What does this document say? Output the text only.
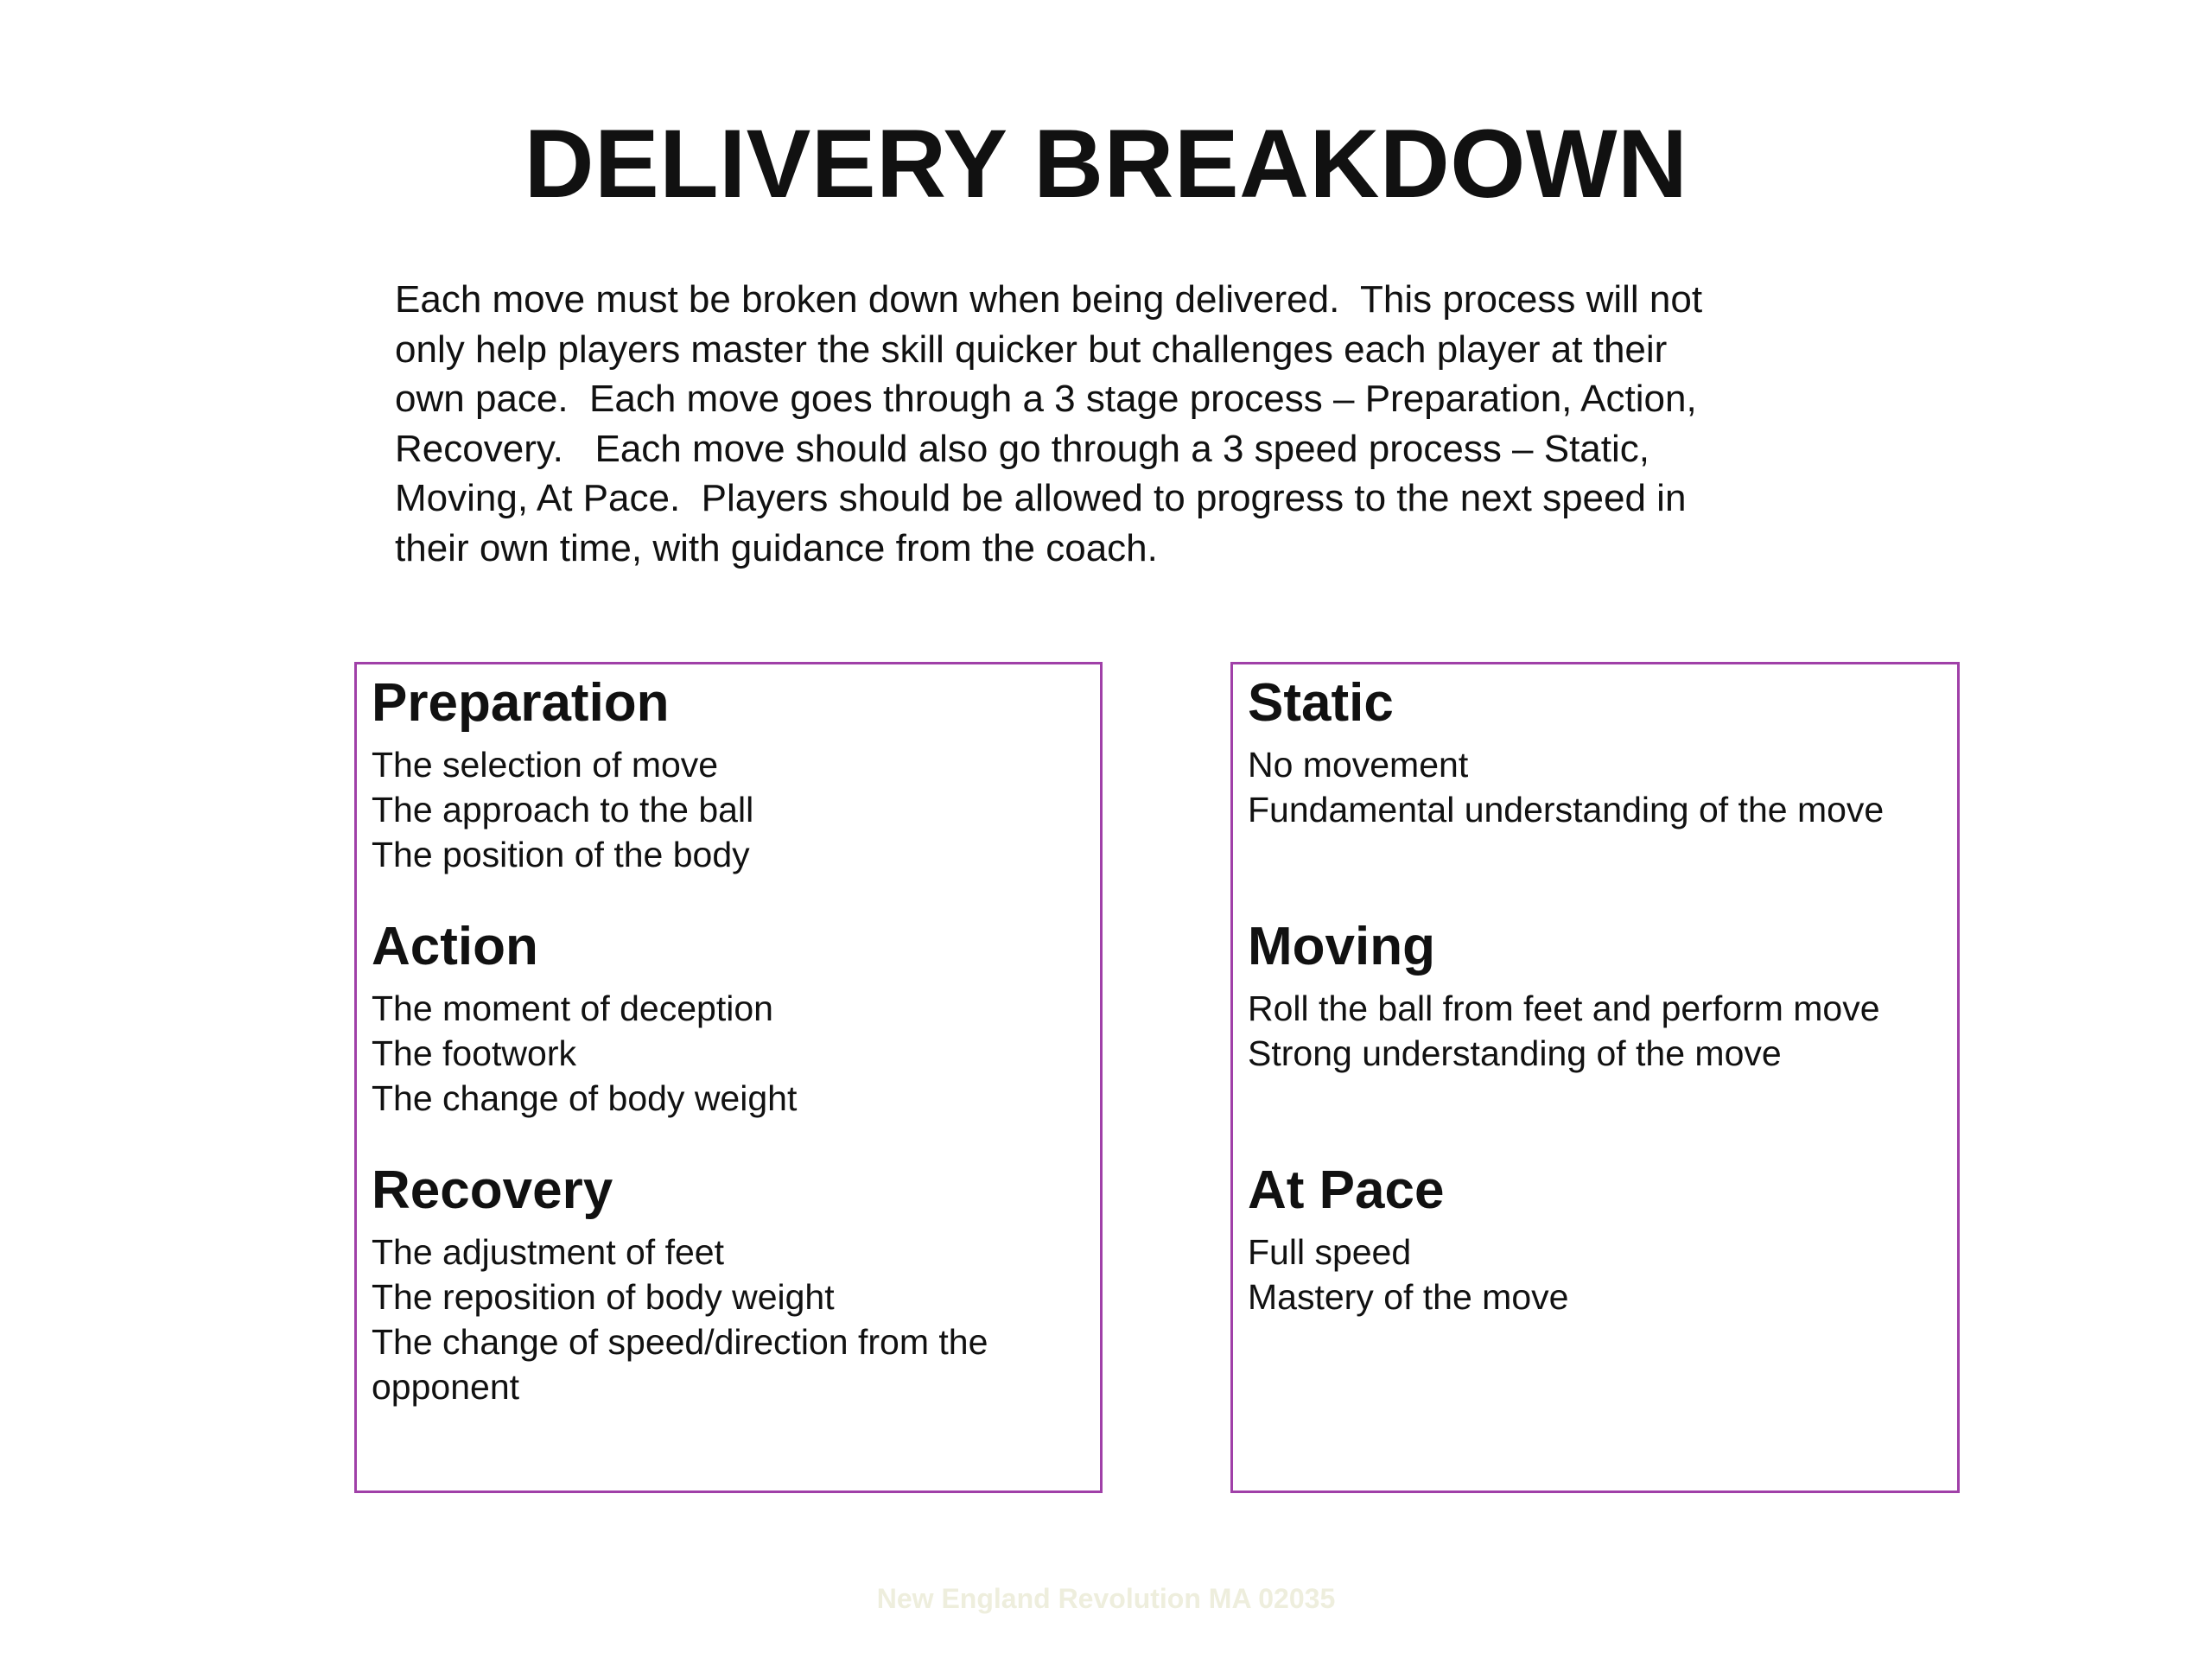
DELIVERY BREAKDOWN
Each move must be broken down when being delivered.  This process will not
only help players master the skill quicker but challenges each player at their
own pace.  Each move goes through a 3 stage process – Preparation, Action,
Recovery.   Each move should also go through a 3 speed process – Static,
Moving, At Pace.  Players should be allowed to progress to the next speed in
their own time, with guidance from the coach.
Preparation
The selection of move
The approach to the ball
The position of the body
Action
The moment of deception
The footwork
The change of body weight
Recovery
The adjustment of feet
The reposition of body weight
The change of speed/direction from the
opponent
Static
No movement
Fundamental understanding of the move
Moving
Roll the ball from feet and perform move
Strong understanding of the move
At Pace
Full speed
Mastery of the move
New England Revolution MA 02035
